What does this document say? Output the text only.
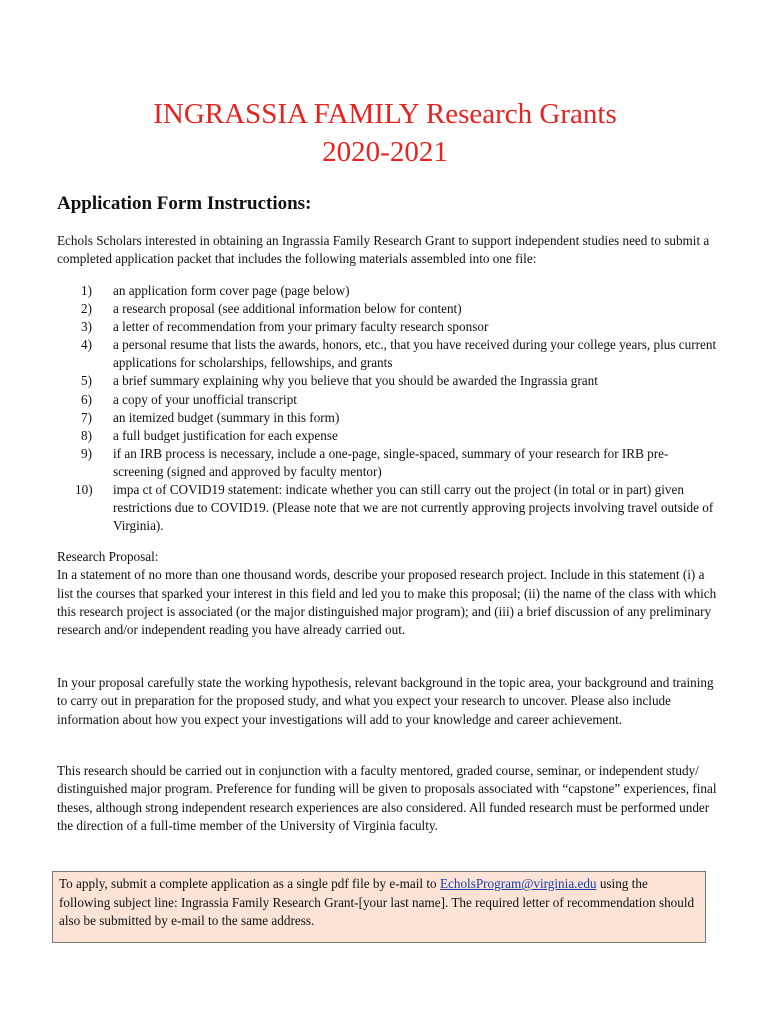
INGRASSIA FAMILY Research Grants
2020-2021
Application Form Instructions:
Echols Scholars interested in obtaining an Ingrassia Family Research Grant to support independent studies need to submit a completed application packet that includes the following materials assembled into one file:
1) an application form cover page (page below)
2) a research proposal (see additional information below for content)
3) a letter of recommendation from your primary faculty research sponsor
4) a personal resume that lists the awards, honors, etc., that you have received during your college years, plus current applications for scholarships, fellowships, and grants
5) a brief summary explaining why you believe that you should be awarded the Ingrassia grant
6) a copy of your unofficial transcript
7) an itemized budget (summary in this form)
8) a full budget justification for each expense
9) if an IRB process is necessary, include a one-page, single-spaced, summary of your research for IRB pre-screening (signed and approved by faculty mentor)
10) impa ct of COVID19 statement: indicate whether you can still carry out the project (in total or in part) given restrictions due to COVID19. (Please note that we are not currently approving projects involving travel outside of Virginia).
Research Proposal:
In a statement of no more than one thousand words, describe your proposed research project. Include in this statement (i) a list the courses that sparked your interest in this field and led you to make this proposal; (ii) the name of the class with which this research project is associated (or the major distinguished major program); and (iii) a brief discussion of any preliminary research and/or independent reading you have already carried out.
In your proposal carefully state the working hypothesis, relevant background in the topic area, your background and training to carry out in preparation for the proposed study, and what you expect your research to uncover. Please also include information about how you expect your investigations will add to your knowledge and career achievement.
This research should be carried out in conjunction with a faculty mentored, graded course, seminar, or independent study/ distinguished major program. Preference for funding will be given to proposals associated with “capstone” experiences, final theses, although strong independent research experiences are also considered. All funded research must be performed under the direction of a full-time member of the University of Virginia faculty.
To apply, submit a complete application as a single pdf file by e-mail to EcholsProgram@virginia.edu using the following subject line: Ingrassia Family Research Grant-[your last name]. The required letter of recommendation should also be submitted by e-mail to the same address.
